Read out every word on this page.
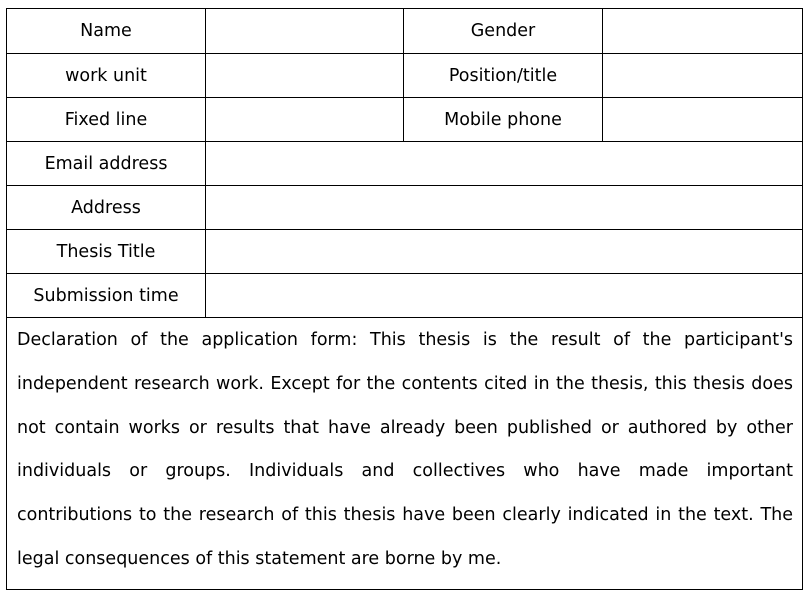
Name		Gender	
work unit		Position/title	
Fixed line		Mobile phone	
Email address			
Address			
Thesis Title			
Submission time			
Declaration of the application form: This thesis is the result of the participant's independent research work. Except for the contents cited in the thesis, this thesis does not contain works or results that have already been published or authored by other individuals or groups. Individuals and collectives who have made important contributions to the research of this thesis have been clearly indicated in the text. The legal consequences of this statement are borne by me.			
